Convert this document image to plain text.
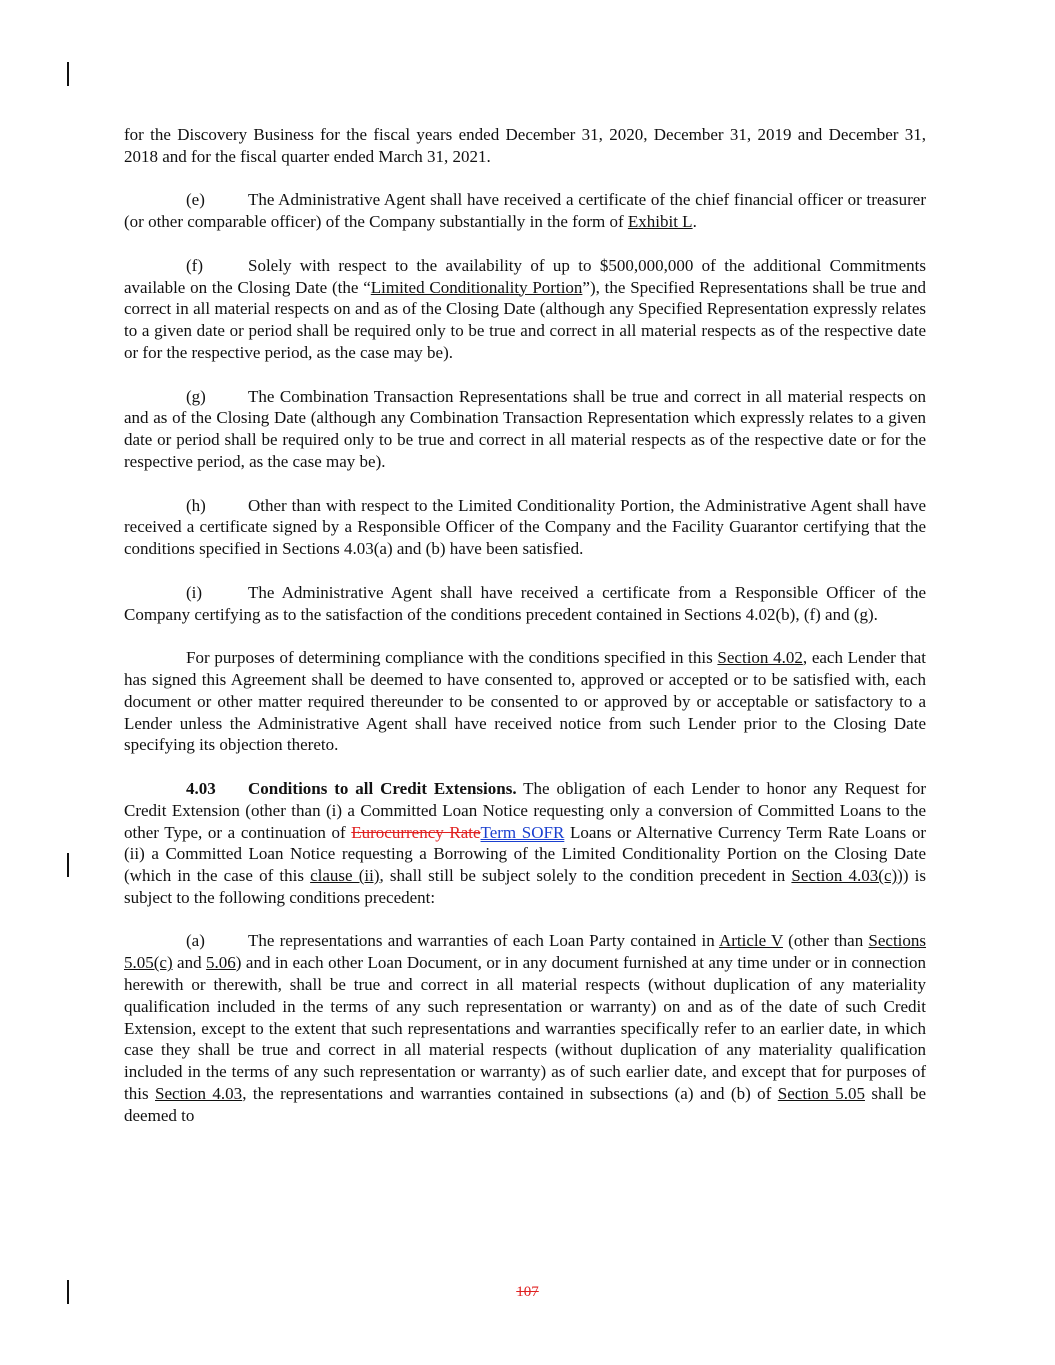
for the Discovery Business for the fiscal years ended December 31, 2020, December 31, 2019 and December 31, 2018 and for the fiscal quarter ended March 31, 2021.

(e)	The Administrative Agent shall have received a certificate of the chief financial officer or treasurer (or other comparable officer) of the Company substantially in the form of Exhibit L.

(f)	Solely with respect to the availability of up to $500,000,000 of the additional Commitments available on the Closing Date (the “Limited Conditionality Portion”), the Specified Representations shall be true and correct in all material respects on and as of the Closing Date (although any Specified Representation expressly relates to a given date or period shall be required only to be true and correct in all material respects as of the respective date or for the respective period, as the case may be).

(g) The Combination Transaction Representations shall be true and correct in all material respects on and as of the Closing Date (although any Combination Transaction Representation which expressly relates to a given date or period shall be required only to be true and correct in all material respects as of the respective date or for the respective period, as the case may be).

(h) Other than with respect to the Limited Conditionality Portion, the Administrative Agent shall have received a certificate signed by a Responsible Officer of the Company and the Facility Guarantor certifying that the conditions specified in Sections 4.03(a) and (b) have been satisfied.

(i)	The Administrative Agent shall have received a certificate from a Responsible Officer of the Company certifying as to the satisfaction of the conditions precedent contained in Sections 4.02(b), (f) and (g).

For purposes of determining compliance with the conditions specified in this Section 4.02, each Lender that has signed this Agreement shall be deemed to have consented to, approved or accepted or to be satisfied with, each document or other matter required thereunder to be consented to or approved by or acceptable or satisfactory to a Lender unless the Administrative Agent shall have received notice from such Lender prior to the Closing Date specifying its objection thereto.

4.03 Conditions to all Credit Extensions. The obligation of each Lender to honor any Request for Credit Extension (other than (i) a Committed Loan Notice requesting only a conversion of Committed Loans to the other Type, or a continuation of Eurocurrency RateTerm SOFR Loans or Alternative Currency Term Rate Loans or (ii) a Committed Loan Notice requesting a Borrowing of the Limited Conditionality Portion on the Closing Date (which in the case of this clause (ii), shall still be subject solely to the condition precedent in Section 4.03(c))) is subject to the following conditions precedent:

(a)	The representations and warranties of each Loan Party contained in Article V (other than Sections 5.05(c) and 5.06) and in each other Loan Document, or in any document furnished at any time under or in connection herewith or therewith, shall be true and correct in all material respects (without duplication of any materiality qualification included in the terms of any such representation or warranty) on and as of the date of such Credit Extension, except to the extent that such representations and warranties specifically refer to an earlier date, in which case they shall be true and correct in all material respects (without duplication of any materiality qualification included in the terms of any such representation or warranty) as of such earlier date, and except that for purposes of this Section 4.03, the representations and warranties contained in subsections (a) and (b) of Section 5.05 shall be deemed to

107
